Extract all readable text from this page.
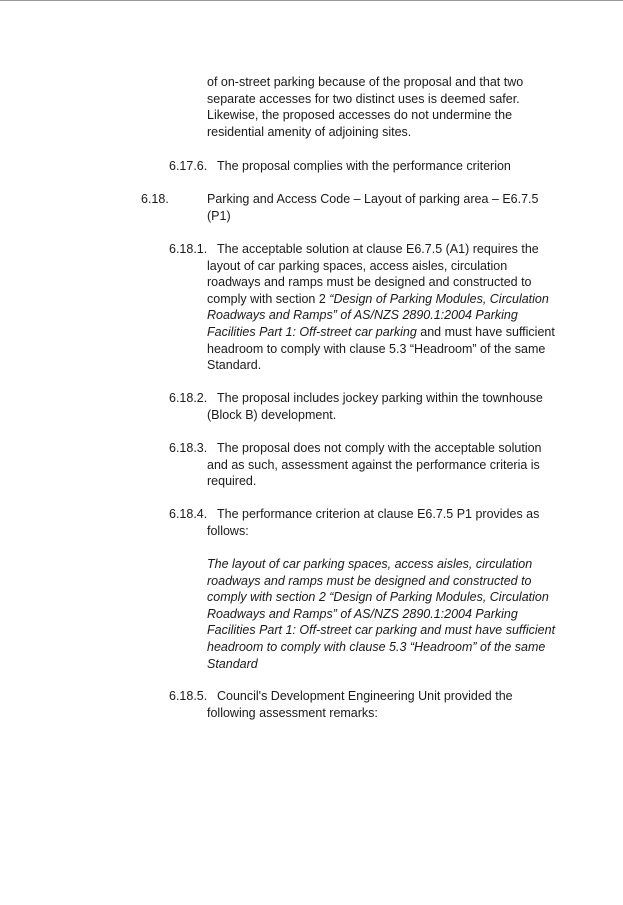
of on-street parking because of the proposal and that two separate accesses for two distinct uses is deemed safer. Likewise, the proposed accesses do not undermine the residential amenity of adjoining sites.

6.17.6. The proposal complies with the performance criterion

6.18.	Parking and Access Code – Layout of parking area – E6.7.5 (P1)

6.18.1. The acceptable solution at clause E6.7.5 (A1) requires the layout of car parking spaces, access aisles, circulation roadways and ramps must be designed and constructed to comply with section 2 “Design of Parking Modules, Circulation Roadways and Ramps” of AS/NZS 2890.1:2004 Parking Facilities Part 1: Off-street car parking and must have sufficient headroom to comply with clause 5.3 “Headroom” of the same Standard.

6.18.2. The proposal includes jockey parking within the townhouse (Block B) development.

6.18.3. The proposal does not comply with the acceptable solution and as such, assessment against the performance criteria is required.

6.18.4. The performance criterion at clause E6.7.5 P1 provides as follows:

The layout of car parking spaces, access aisles, circulation roadways and ramps must be designed and constructed to comply with section 2 “Design of Parking Modules, Circulation Roadways and Ramps” of AS/NZS 2890.1:2004 Parking Facilities Part 1: Off-street car parking and must have sufficient headroom to comply with clause 5.3 “Headroom” of the same Standard

6.18.5. Council's Development Engineering Unit provided the following assessment remarks:
